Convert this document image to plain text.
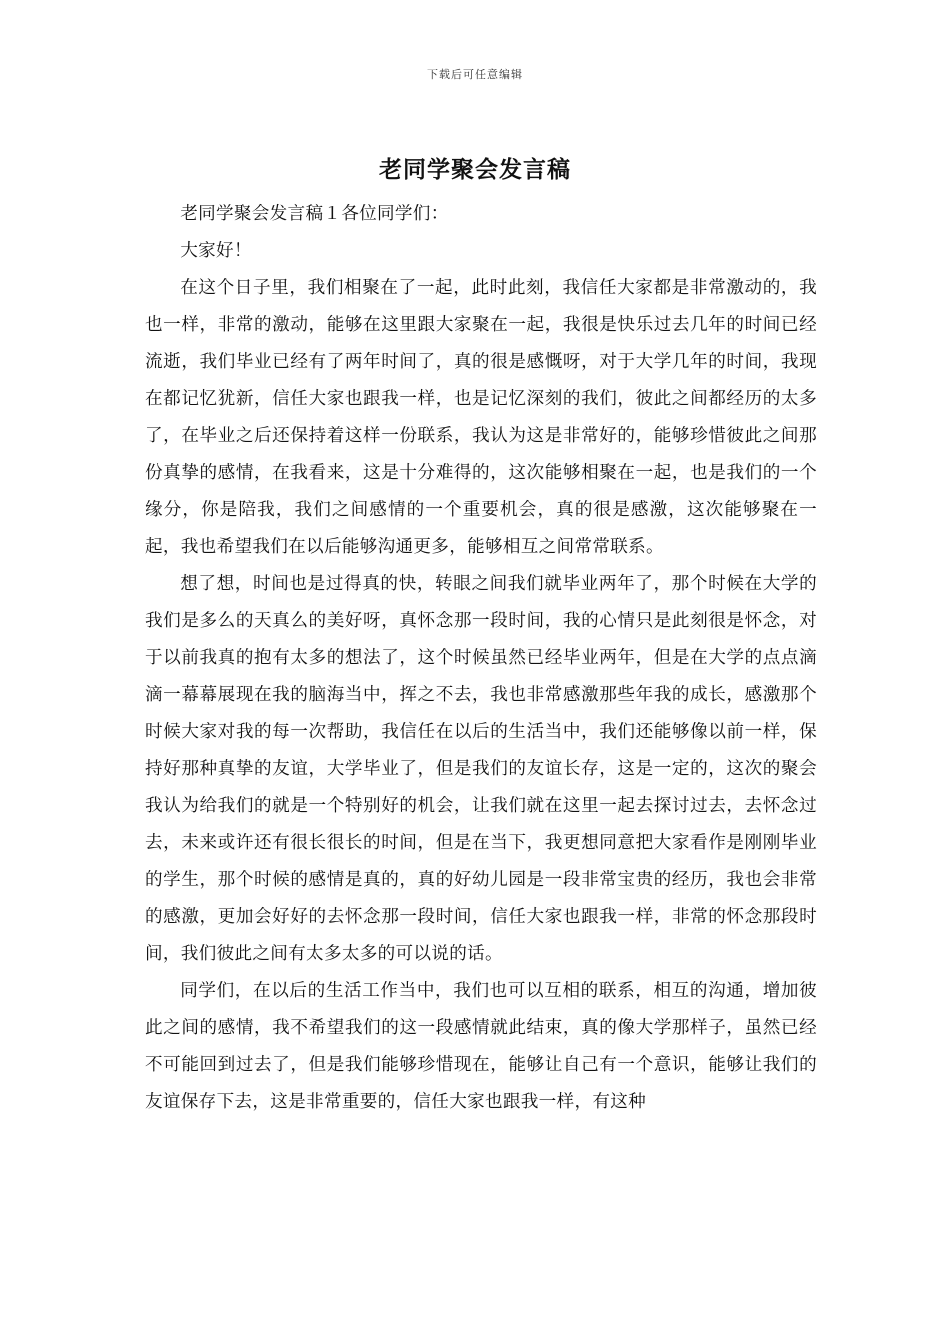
下载后可任意编辑
老同学聚会发言稿

老同学聚会发言稿１各位同学们：

大家好！

在这个日子里，我们相聚在了一起，此时此刻，我信任大家都是非常激动的，我也一样，非常的激动，能够在这里跟大家聚在一起，我很是快乐过去几年的时间已经流逝，我们毕业已经有了两年时间了，真的很是感慨呀，对于大学几年的时间，我现在都记忆犹新，信任大家也跟我一样，也是记忆深刻的我们，彼此之间都经历的太多了，在毕业之后还保持着这样一份联系，我认为这是非常好的，能够珍惜彼此之间那份真挚的感情，在我看来，这是十分难得的，这次能够相聚在一起，也是我们的一个缘分，你是陪我，我们之间感情的一个重要机会，真的很是感激，这次能够聚在一起，我也希望我们在以后能够沟通更多，能够相互之间常常联系。

想了想，时间也是过得真的快，转眼之间我们就毕业两年了，那个时候在大学的我们是多么的天真么的美好呀，真怀念那一段时间，我的心情只是此刻很是怀念，对于以前我真的抱有太多的想法了，这个时候虽然已经毕业两年，但是在大学的点点滴滴一幕幕展现在我的脑海当中，挥之不去，我也非常感激那些年我的成长，感激那个时候大家对我的每一次帮助，我信任在以后的生活当中，我们还能够像以前一样，保持好那种真挚的友谊，大学毕业了，但是我们的友谊长存，这是一定的，这次的聚会我认为给我们的就是一个特别好的机会，让我们就在这里一起去探讨过去，去怀念过去，未来或许还有很长很长的时间，但是在当下，我更想同意把大家看作是刚刚毕业的学生，那个时候的感情是真的，真的好幼儿园是一段非常宝贵的经历，我也会非常的感激，更加会好好的去怀念那一段时间，信任大家也跟我一样，非常的怀念那段时间，我们彼此之间有太多太多的可以说的话。

同学们，在以后的生活工作当中，我们也可以互相的联系，相互的沟通，增加彼此之间的感情，我不希望我们的这一段感情就此结束，真的像大学那样子，虽然已经不可能回到过去了，但是我们能够珍惜现在，能够让自己有一个意识，能够让我们的友谊保存下去，这是非常重要的，信任大家也跟我一样，有这种
